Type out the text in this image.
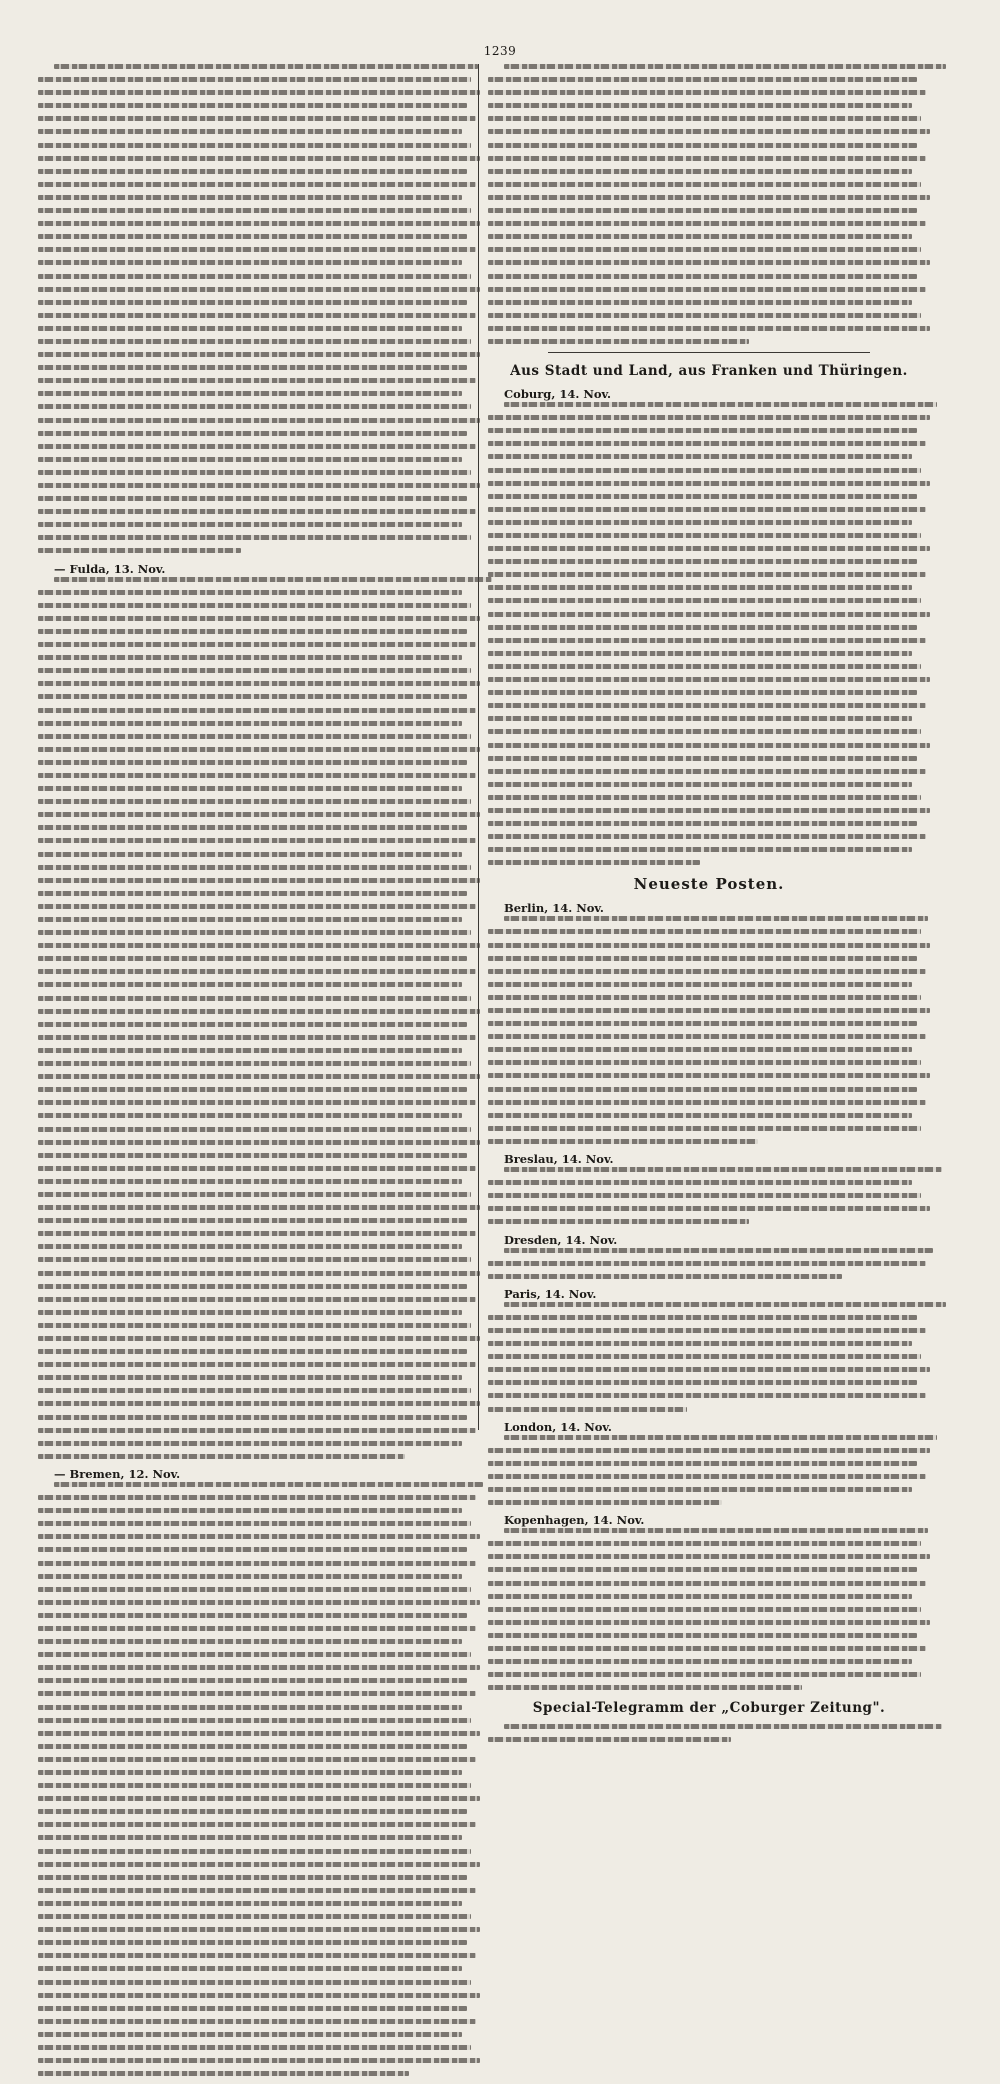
1239
— Fulda, 13. Nov.
— Bremen, 12. Nov.
Aus Stadt und Land, aus Franken und Thüringen.
Coburg, 14. Nov.
Neueste Posten.
Berlin, 14. Nov.
Breslau, 14. Nov.
Dresden, 14. Nov.
Paris, 14. Nov.
London, 14. Nov.
Kopenhagen, 14. Nov.
Special-Telegramm der „Coburger Zeitung".
